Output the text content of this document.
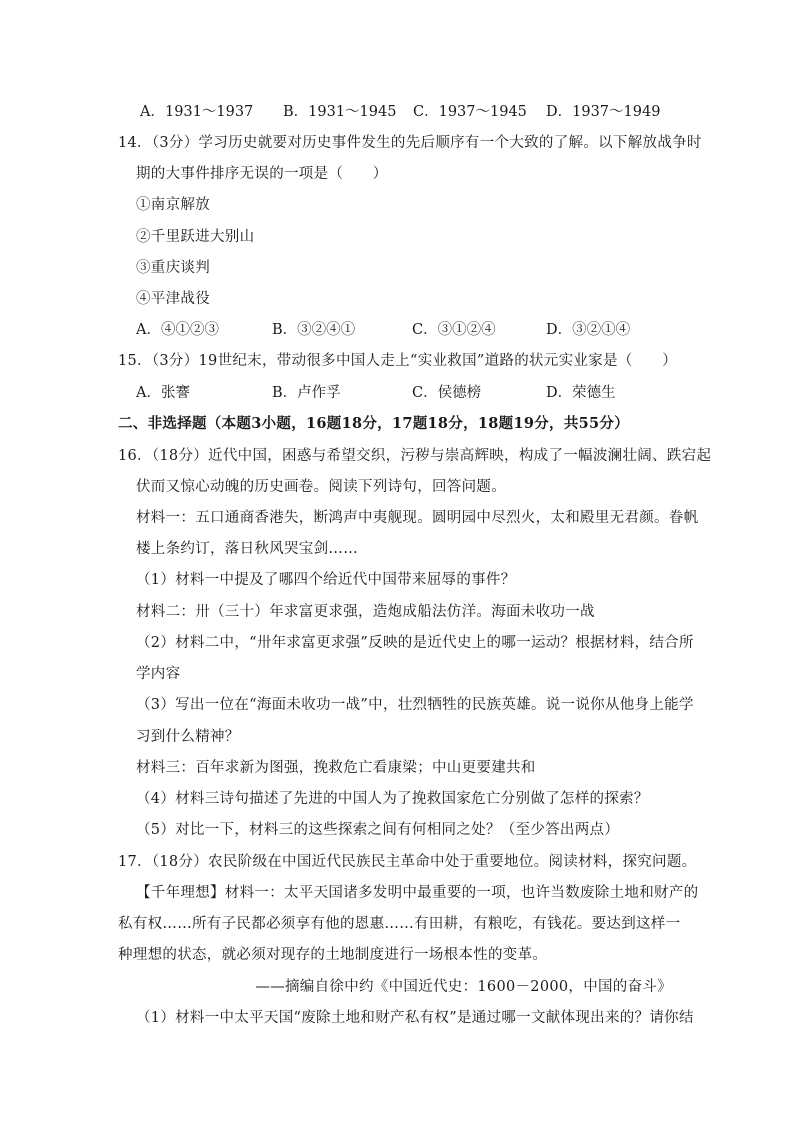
A．1931～1937 B．1931～1945 C．1937～1945 D．1937～1949
14．（3分）学习历史就要对历史事件发生的先后顺序有一个大致的了解。以下解放战争时
期的大事件排序无误的一项是（　　）
①南京解放
②千里跃进大别山
③重庆谈判
④平津战役
A．④①②③	B．③②④①	C．③①②④	D．③②①④
15．（3分）19世纪末，带动很多中国人走上“实业救国”道路的状元实业家是（　　）
A．张謇	B．卢作孚	C．侯德榜	D．荣德生
二、非选择题（本题3小题，16题18分，17题18分，18题19分，共55分）
16．（18分）近代中国，困惑与希望交织，污秽与崇高辉映，构成了一幅波澜壮阔、跌宕起
伏而又惊心动魄的历史画卷。阅读下列诗句，回答问题。
材料一：五口通商香港失，断鸿声中夷舰现。圆明园中尽烈火，太和殿里无君颜。眷帆
楼上条约订，落日秋风哭宝剑……
（1）材料一中提及了哪四个给近代中国带来屈辱的事件？
材料二：卅（三十）年求富更求强，造炮成船法仿洋。海面未收功一战
（2）材料二中，“卅年求富更求强”反映的是近代史上的哪一运动？根据材料，结合所
学内容
（3）写出一位在“海面未收功一战”中，壮烈牺牲的民族英雄。说一说你从他身上能学
习到什么精神？
材料三：百年求新为图强，挽救危亡看康梁；中山更要建共和
（4）材料三诗句描述了先进的中国人为了挽救国家危亡分别做了怎样的探索？
（5）对比一下，材料三的这些探索之间有何相同之处？（至少答出两点）
17．（18分）农民阶级在中国近代民族民主革命中处于重要地位。阅读材料，探究问题。
【千年理想】材料一：太平天国诸多发明中最重要的一项，也许当数废除土地和财产的
私有权……所有子民都必须享有他的恩惠……有田耕，有粮吃，有钱花。要达到这样一
种理想的状态，就必须对现存的土地制度进行一场根本性的变革。
——摘编自徐中约《中国近代史：1600－2000，中国的奋斗》
（1）材料一中太平天国“废除土地和财产私有权”是通过哪一文献体现出来的？请你结
